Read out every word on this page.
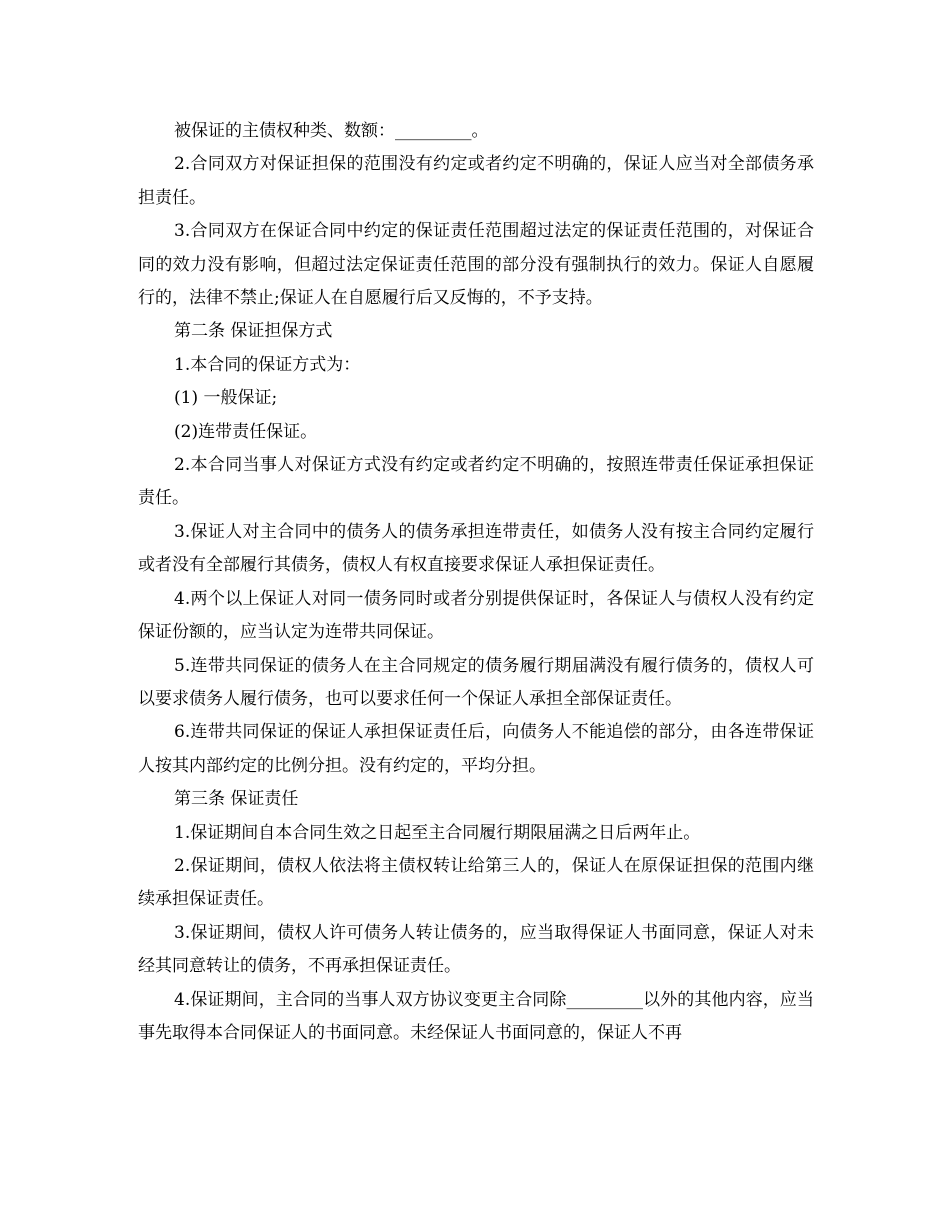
被保证的主债权种类、数额：_________。

2.合同双方对保证担保的范围没有约定或者约定不明确的，保证人应当对全部债务承担责任。

3.合同双方在保证合同中约定的保证责任范围超过法定的保证责任范围的，对保证合同的效力没有影响，但超过法定保证责任范围的部分没有强制执行的效力。保证人自愿履行的，法律不禁止;保证人在自愿履行后又反悔的，不予支持。

第二条 保证担保方式

1.本合同的保证方式为：

(1) 一般保证;

(2)连带责任保证。

2.本合同当事人对保证方式没有约定或者约定不明确的，按照连带责任保证承担保证责任。

3.保证人对主合同中的债务人的债务承担连带责任，如债务人没有按主合同约定履行或者没有全部履行其债务，债权人有权直接要求保证人承担保证责任。

4.两个以上保证人对同一债务同时或者分别提供保证时，各保证人与债权人没有约定保证份额的，应当认定为连带共同保证。

5.连带共同保证的债务人在主合同规定的债务履行期届满没有履行债务的，债权人可以要求债务人履行债务，也可以要求任何一个保证人承担全部保证责任。

6.连带共同保证的保证人承担保证责任后，向债务人不能追偿的部分，由各连带保证人按其内部约定的比例分担。没有约定的，平均分担。

第三条 保证责任

1.保证期间自本合同生效之日起至主合同履行期限届满之日后两年止。

2.保证期间，债权人依法将主债权转让给第三人的，保证人在原保证担保的范围内继续承担保证责任。

3.保证期间，债权人许可债务人转让债务的，应当取得保证人书面同意，保证人对未经其同意转让的债务，不再承担保证责任。

4.保证期间，主合同的当事人双方协议变更主合同除_________以外的其他内容，应当事先取得本合同保证人的书面同意。未经保证人书面同意的，保证人不再
